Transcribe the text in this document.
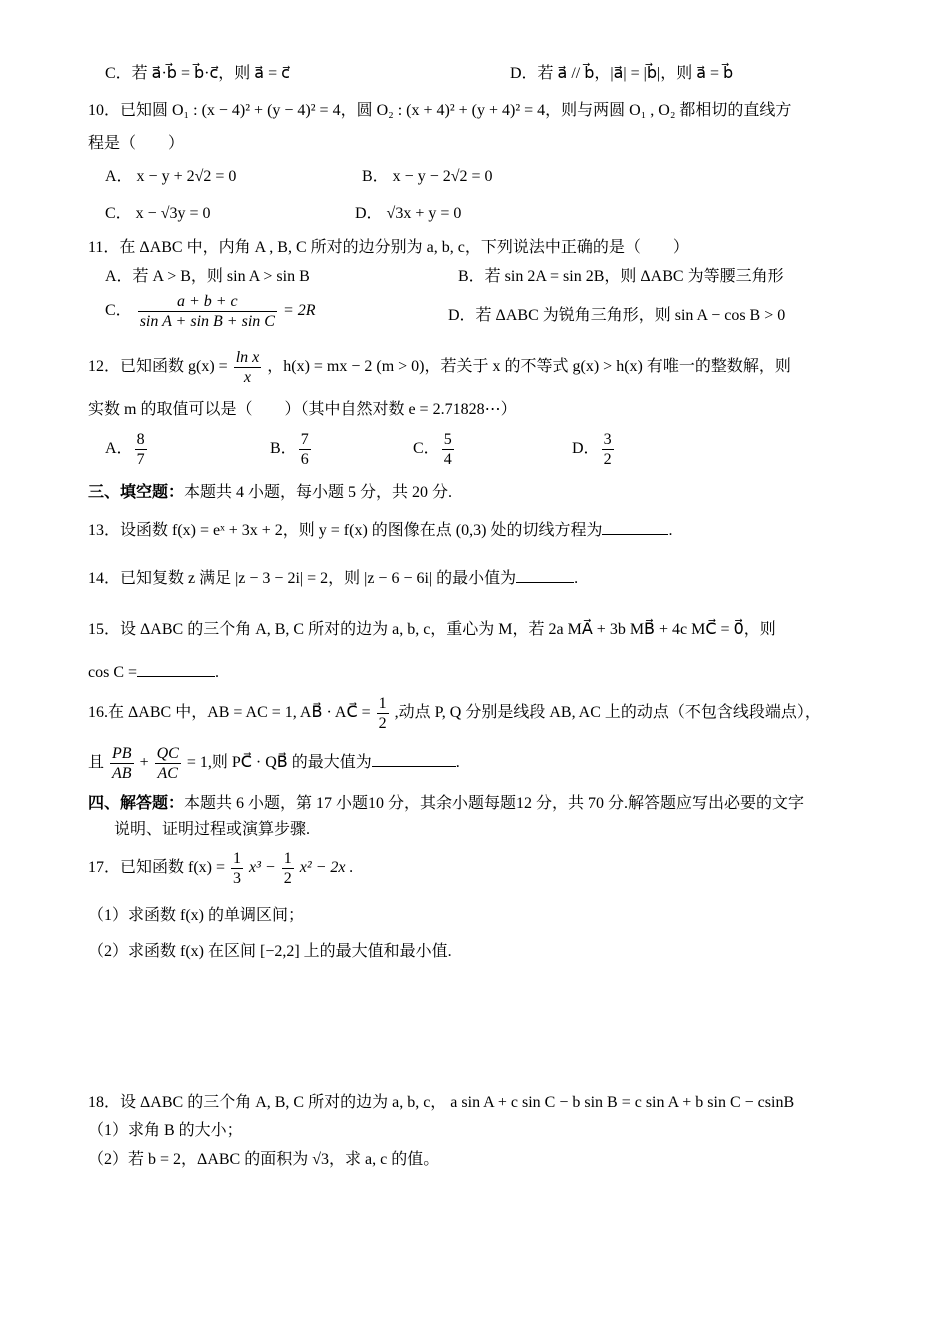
C．若 a⃗·b⃗ = b⃗·c⃗，则 a⃗ = c⃗	D．若 a⃗ // b⃗，|a⃗| = |b⃗|，则 a⃗ = b⃗
10．已知圆 O₁ : (x − 4)² + (y − 4)² = 4，圆 O₂ : (x + 4)² + (y + 4)² = 4，则与两圆 O₁ , O₂ 都相切的直线方
程是（　　）
A． x − y + 2√2 = 0	B． x − y − 2√2 = 0
C． x − √3y = 0	D． √3x + y = 0
11．在 ΔABC 中，内角 A , B, C 所对的边分别为 a, b, c，下列说法中正确的是（　　）
A．若 A > B，则 sin A > sin B	B．若 sin 2A = sin 2B，则 ΔABC 为等腰三角形
C． $\frac{a + b + c}{\text{sin A + sin B + sin C}} = 2R$	D．若 ΔABC 为锐角三角形，则 sin A − cos B > 0
12．已知函数 $g(x) = \frac{\text{ln x}}{x}$ ，h(x) = mx − 2 (m > 0)，若关于 x 的不等式 g(x) > h(x) 有唯一的整数解，则
实数 m 的取值可以是（　　）（其中自然对数 e = 2.71828⋯）
A． $\frac{8}{7}$	B． $\frac{7}{6}$	C． $\frac{5}{4}$	D． $\frac{3}{2}$
三、填空题：本题共 4 小题，每小题 5 分，共 20 分.
13．设函数 f(x) = eˣ + 3x + 2，则 y = f(x) 的图像在点 (0,3) 处的切线方程为	.
14．已知复数 z 满足 |z − 3 − 2i| = 2，则 |z − 6 − 6i| 的最小值为	.
15．设 ΔABC 的三个角 A, B, C 所对的边为 a, b, c，重心为 M，若 2a MA⃗ + 3b MB⃗ + 4c MC⃗ = 0⃗，则
cos C =	.
16.在 ΔABC 中，AB = AC = 1, AB⃗ · AC⃗ = $\frac{1}{2}$ ,动点 P, Q 分别是线段 AB, AC 上的动点（不包含线段端点），
且 $\frac{PB}{AB} + \frac{QC}{AC} = 1$,则 PC⃗ · QB⃗ 的最大值为	.
四、解答题：本题共 6 小题，第 17 小题10 分，其余小题每题12 分，共 70 分.解答题应写出必要的文字
说明、证明过程或演算步骤.
17．已知函数 $f(x) = \frac{1}{3} x^3 - \frac{1}{2} x^2 - 2x$ .
（1）求函数 f(x) 的单调区间；
（2）求函数 f(x) 在区间 [−2,2] 上的最大值和最小值.
18．设 ΔABC 的三个角 A, B, C 所对的边为 a, b, c， a sin A + c sin C − b sin B = c sin A + b sin C − csinB
（1）求角 B 的大小；
（2）若 b = 2，ΔABC 的面积为 √3，求 a, c 的值。
